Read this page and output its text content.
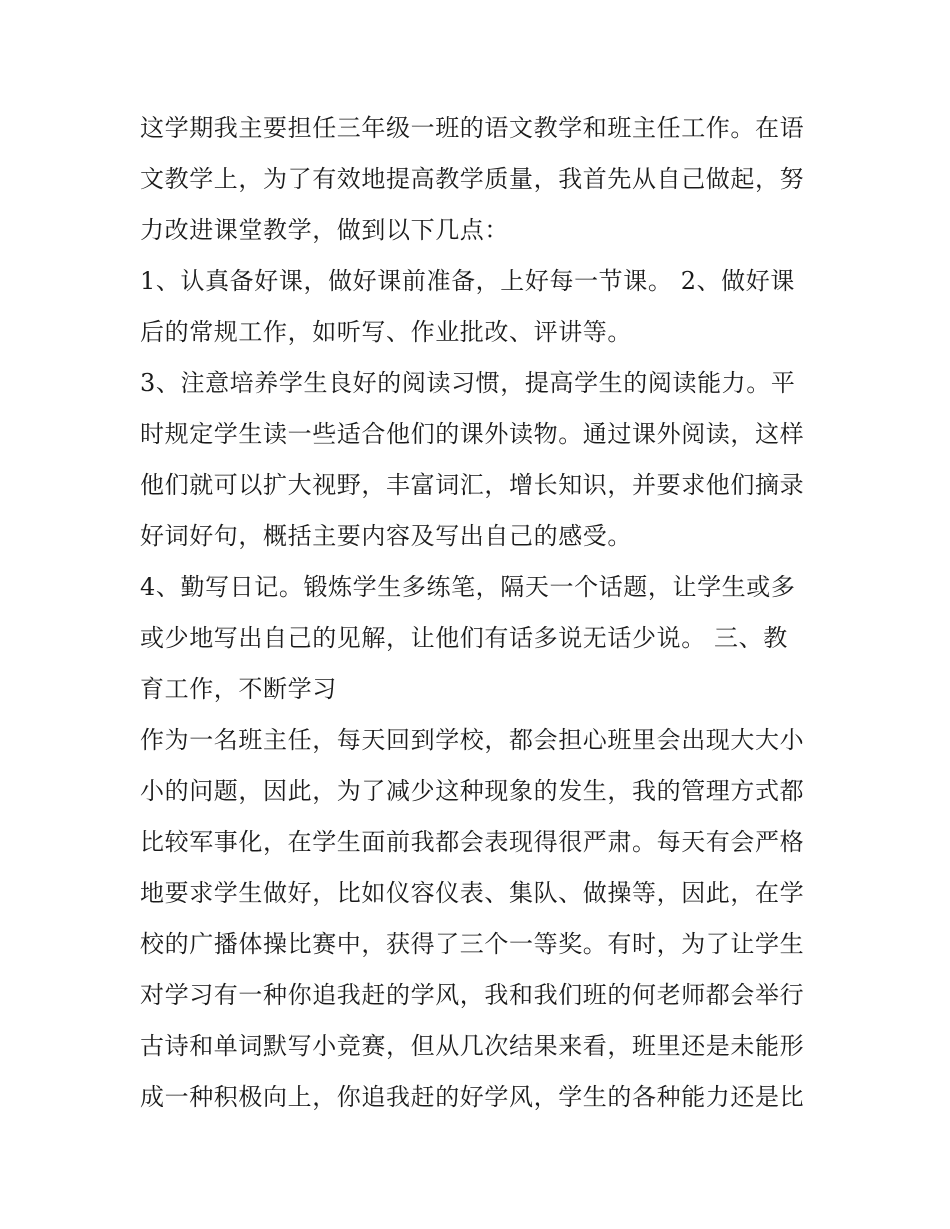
这学期我主要担任三年级一班的语文教学和班主任工作。在语
文教学上，为了有效地提高教学质量，我首先从自己做起，努
力改进课堂教学，做到以下几点：
1、认真备好课，做好课前准备，上好每一节课。 2、做好课
后的常规工作，如听写、作业批改、评讲等。
3、注意培养学生良好的阅读习惯，提高学生的阅读能力。平
时规定学生读一些适合他们的课外读物。通过课外阅读，这样
他们就可以扩大视野，丰富词汇，增长知识，并要求他们摘录
好词好句，概括主要内容及写出自己的感受。
4、勤写日记。锻炼学生多练笔，隔天一个话题，让学生或多
或少地写出自己的见解，让他们有话多说无话少说。 三、教
育工作，不断学习
作为一名班主任，每天回到学校，都会担心班里会出现大大小
小的问题，因此，为了减少这种现象的发生，我的管理方式都
比较军事化，在学生面前我都会表现得很严肃。每天有会严格
地要求学生做好，比如仪容仪表、集队、做操等，因此，在学
校的广播体操比赛中，获得了三个一等奖。有时，为了让学生
对学习有一种你追我赶的学风，我和我们班的何老师都会举行
古诗和单词默写小竞赛，但从几次结果来看，班里还是未能形
成一种积极向上，你追我赶的好学风，学生的各种能力还是比
